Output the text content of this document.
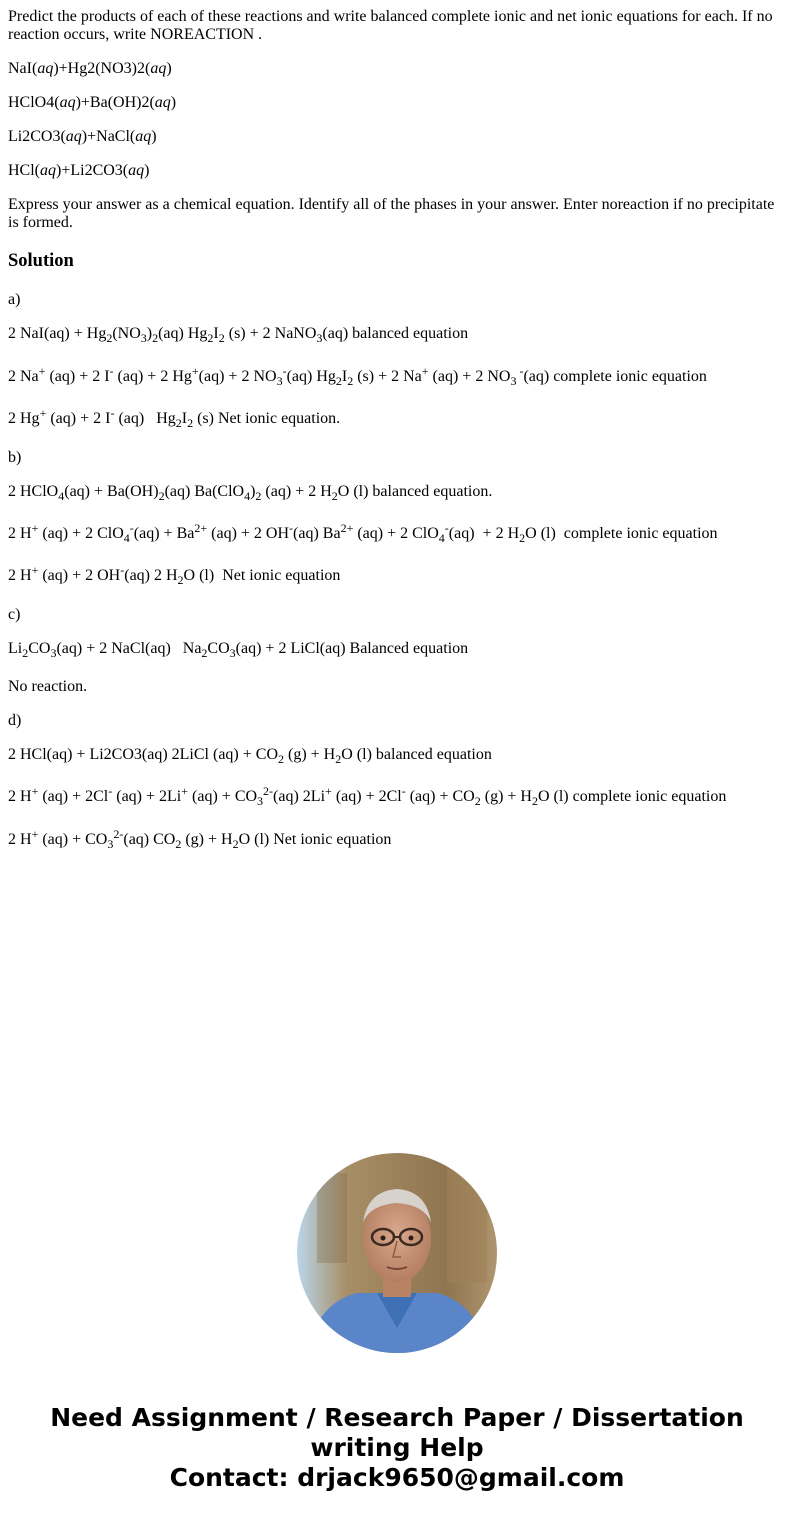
Predict the products of each of these reactions and write balanced complete ionic and net ionic equations for each. If no reaction occurs, write NOREACTION .

NaI(aq)+Hg2(NO3)2(aq)

HClO4(aq)+Ba(OH)2(aq)

Li2CO3(aq)+NaCl(aq)

HCl(aq)+Li2CO3(aq)

Express your answer as a chemical equation. Identify all of the phases in your answer. Enter noreaction if no precipitate is formed.

Solution

a)

2 $NaI(aq) + Hg_2(NO_3)_2(aq)$ $Hg_2I_2$ (s) + 2 NaNO$_3$(aq) balanced equation

2 Na+ (aq) + 2 I- (aq) + 2 Hg+(aq) + 2 $NO_3^-(aq)$ $Hg_2I_2$ (s) + 2 Na+ (aq) + 2 $NO_3$ -(aq) complete ionic equation

2 Hg+ (aq) + 2 I- (aq)   $Hg_2I_2$ (s) Net ionic equation.

b)

2 HClO$_4$(aq) + $Ba(OH)_2(aq)$ $Ba(ClO_4)_2$ (aq) + 2 $H_2O$ (l) balanced equation.

2 H+ (aq) + 2 $ClO_4^-(aq) + Ba^{2+}$ (aq) + 2 OH-(aq) $Ba^{2+}$ (aq) + 2 ClO$_4$-(aq)  + 2 $H_2O$ (l)  complete ionic equation

2 H+ (aq) + 2 OH-(aq) 2 $H_2O$ (l)  Net ionic equation

c)

$Li_2CO_3(aq) + 2$ NaCl(aq)   $Na_2CO_3(aq) + 2$ LiCl(aq) Balanced equation

No reaction.

d)

2 HCl(aq) + Li2CO3(aq) 2LiCl $(aq) + CO_2$ $(g) + H_2O$ (l) balanced equation

2 H+ (aq) + 2Cl- (aq) + 2Li+ $(aq) + CO_3^{2-}(aq)$ 2Li+ (aq) + 2Cl- $(aq) + CO_2$ $(g) + H_2O$ (l) complete ionic equation

2 H+ $(aq) + CO_3^{2-}(aq)$ $CO_2$ $(g) + H_2O$ (l) Net ionic equation

Need Assignment / Research Paper / Dissertation
writing Help
Contact: drjack9650@gmail.com
